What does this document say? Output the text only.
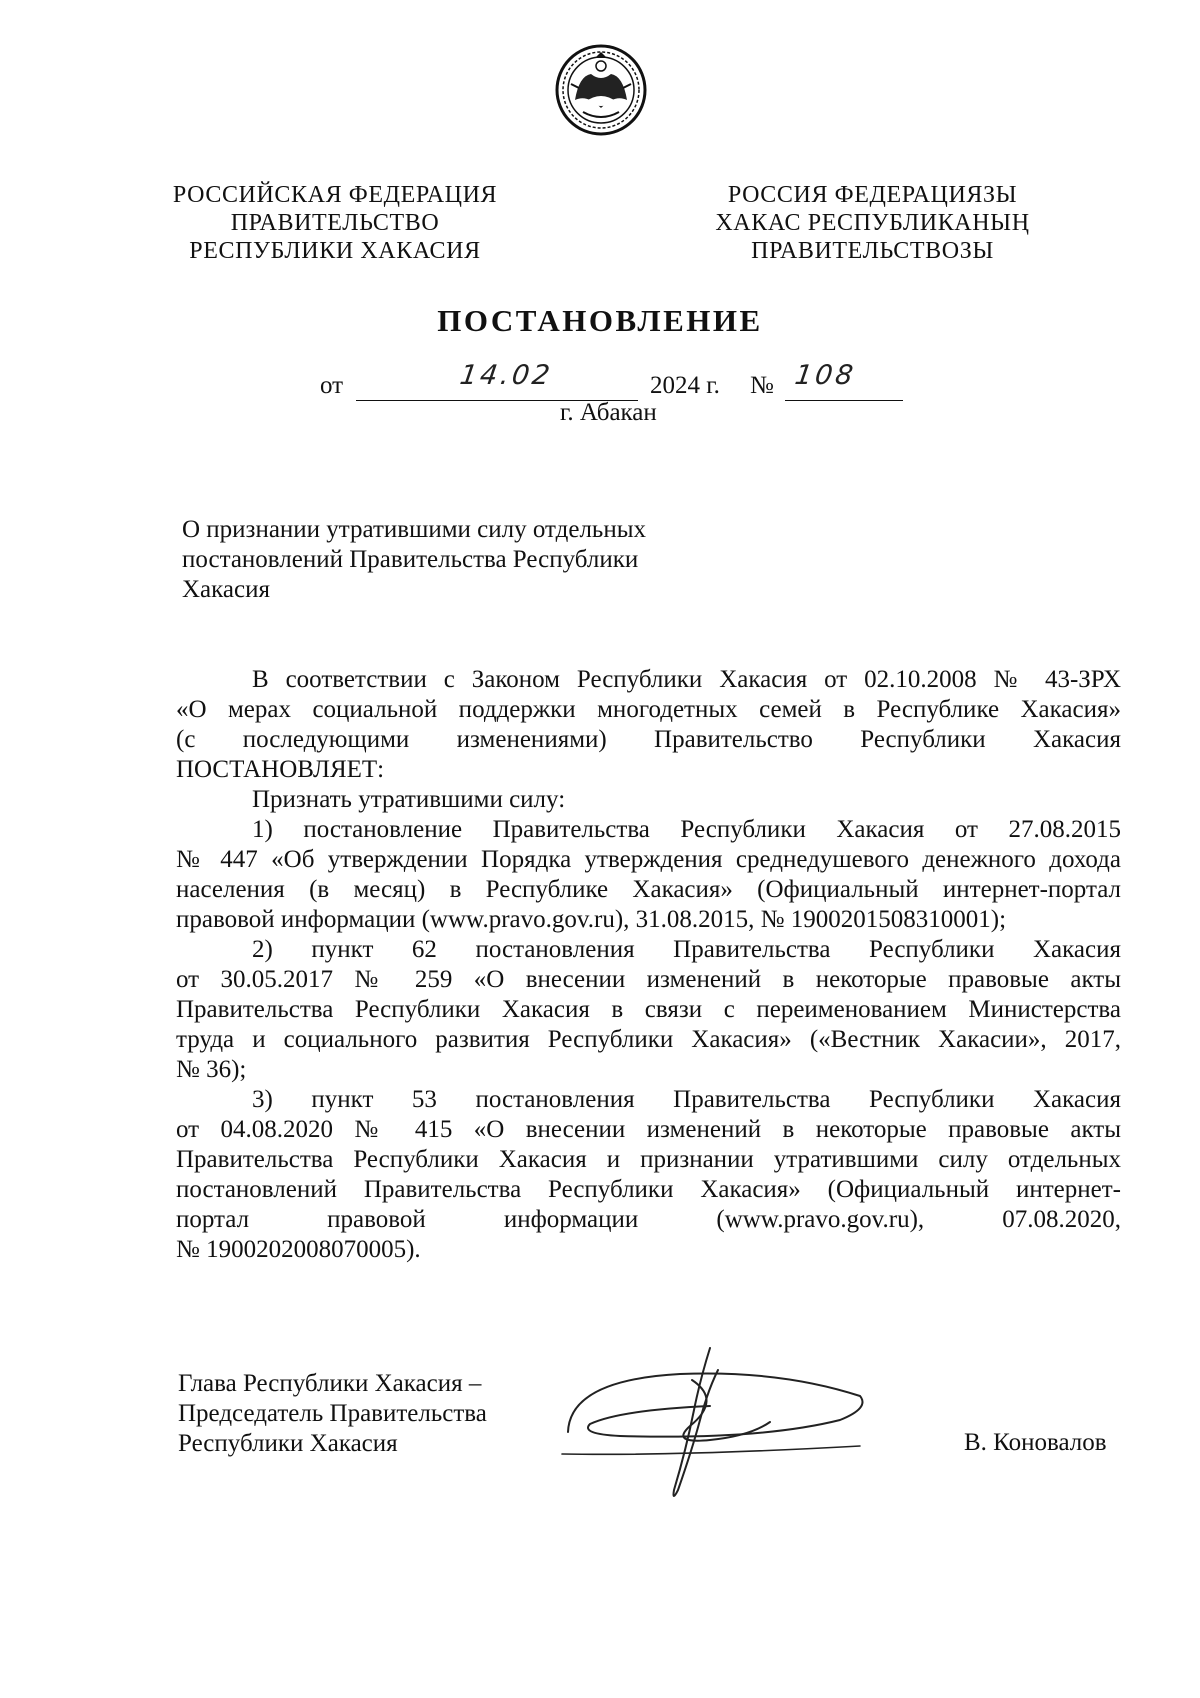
РОССИЙСКАЯ ФЕДЕРАЦИЯ
ПРАВИТЕЛЬСТВО
РЕСПУБЛИКИ ХАКАСИЯ
РОССИЯ ФЕДЕРАЦИЯЗЫ
ХАКАС РЕСПУБЛИКАНЫҢ
ПРАВИТЕЛЬСТВОЗЫ
ПОСТАНОВЛЕНИЕ
от	14.02	2024 г. № 108
г. Абакан
О признании утратившими силу отдельных
постановлений Правительства Республики
Хакасия
В соответствии с Законом Республики Хакасия от 02.10.2008 № 43-ЗРХ
«О мерах социальной поддержки многодетных семей в Республике Хакасия»
(с последующими изменениями) Правительство Республики Хакасия
ПОСТАНОВЛЯЕТ:
Признать утратившими силу:
1) постановление Правительства Республики Хакасия от 27.08.2015
№ 447 «Об утверждении Порядка утверждения среднедушевого денежного дохода
населения (в месяц) в Республике Хакасия» (Официальный интернет-портал
правовой информации (www.pravo.gov.ru), 31.08.2015, № 1900201508310001);
2) пункт 62 постановления Правительства Республики Хакасия
от 30.05.2017 № 259 «О внесении изменений в некоторые правовые акты
Правительства Республики Хакасия в связи с переименованием Министерства
труда и социального развития Республики Хакасия» («Вестник Хакасии», 2017,
№ 36);
3) пункт 53 постановления Правительства Республики Хакасия
от 04.08.2020 № 415 «О внесении изменений в некоторые правовые акты
Правительства Республики Хакасия и признании утратившими силу отдельных
постановлений Правительства Республики Хакасия» (Официальный интернет-
портал правовой информации (www.pravo.gov.ru), 07.08.2020,
№ 1900202008070005).
Глава Республики Хакасия –
Председатель Правительства
Республики Хакасия	В. Коновалов
